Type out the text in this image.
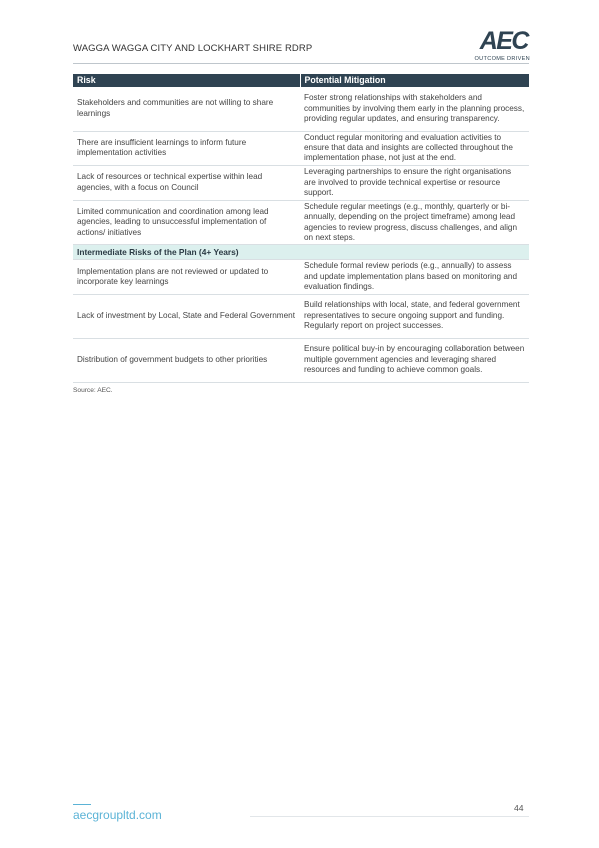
WAGGA WAGGA CITY AND LOCKHART SHIRE RDRP	AEC
OUTCOME DRIVEN
Risk	Potential Mitigation
Stakeholders and communities are not willing to share learnings	Foster strong relationships with stakeholders and communities by involving them early in the planning process, providing regular updates, and ensuring transparency.
There are insufficient learnings to inform future implementation activities	Conduct regular monitoring and evaluation activities to ensure that data and insights are collected throughout the implementation phase, not just at the end.
Lack of resources or technical expertise within lead agencies, with a focus on Council	Leveraging partnerships to ensure the right organisations are involved to provide technical expertise or resource support.
Limited communication and coordination among lead agencies, leading to unsuccessful implementation of actions/ initiatives	Schedule regular meetings (e.g., monthly, quarterly or bi-annually, depending on the project timeframe) among lead agencies to review progress, discuss challenges, and align on next steps.
Intermediate Risks of the Plan (4+ Years)	
Implementation plans are not reviewed or updated to incorporate key learnings	Schedule formal review periods (e.g., annually) to assess and update implementation plans based on monitoring and evaluation findings.
Lack of investment by Local, State and Federal Government	Build relationships with local, state, and federal government representatives to secure ongoing support and funding. Regularly report on project successes.
Distribution of government budgets to other priorities	Ensure political buy-in by encouraging collaboration between multiple government agencies and leveraging shared resources and funding to achieve common goals.
Source: AEC.
aecgroupltd.com	44
